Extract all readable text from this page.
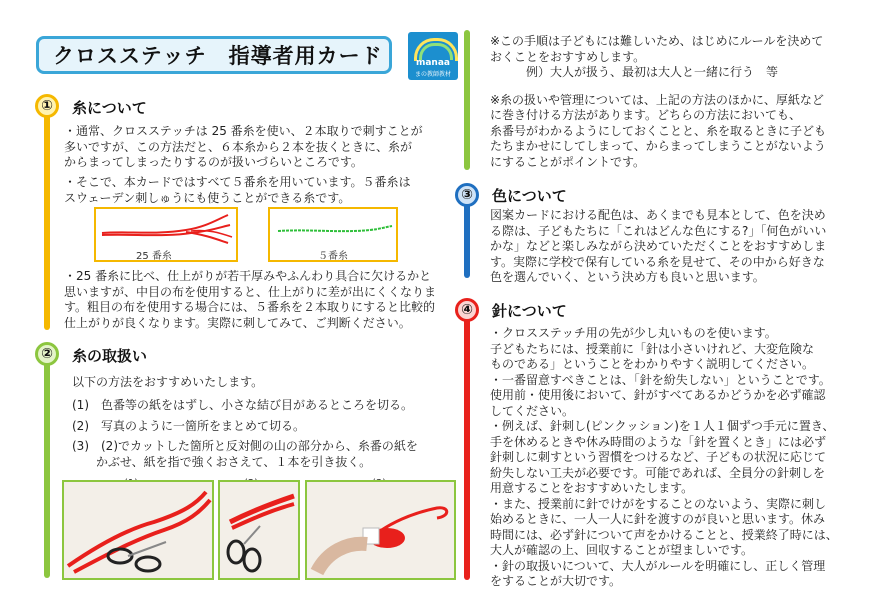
クロスステッチ　指導者用カード	manaa
まの教師教材
①	糸について

・通常、クロスステッチは 25 番糸を使い、２本取りで刺すことが

多いですが、この方法だと、６本糸から２本を抜くときに、糸が

からまってしまったりするのが扱いづらいところです。

・そこで、本カードではすべて５番糸を用いています。５番糸は

スウェーデン刺しゅうにも使うことができる糸です。

25 番糸	５番糸

・25 番糸に比べ、仕上がりが若干厚みやふんわり具合に欠けるかと

思いますが、中目の布を使用すると、仕上がりに差が出にくくなりま

す。粗目の布を使用する場合には、５番糸を２本取りにすると比較的

仕上がりが良くなります。実際に刺してみて、ご判断ください。

②	糸の取扱い
以下の方法をおすすめいたします。

(1)　色番等の紙をはずし、小さな結び目があるところを切る。

(2)　写真のように一箇所をまとめて切る。

(3)　(2)でカットした箇所と反対側の山の部分から、糸番の紙を

　　かぶせ、紙を指で強くおさえて、１本を引き抜く。

※この手順は子どもには難しいため、はじめにルールを決めて

おくことをおすすめします。

　　　例）大人が扱う、最初は大人と一緒に行う　等

※糸の扱いや管理については、上記の方法のほかに、厚紙など

に巻き付ける方法があります。どちらの方法においても、

糸番号がわかるようにしておくことと、糸を取るときに子ども

たちまかせにしてしまって、からまってしまうことがないよう

にすることがポイントです。

③	色について

図案カードにおける配色は、あくまでも見本として、色を決め

る際は、子どもたちに「これはどんな色にする?」「何色がいい

かな」などと楽しみながら決めていただくことをおすすめしま

す。実際に学校で保有している糸を見せて、その中から好きな

色を選んでいく、という決め方も良いと思います。

④	針について

・クロスステッチ用の先が少し丸いものを使います。

子どもたちには、授業前に「針は小さいけれど、大変危険な

ものである」ということをわかりやすく説明してください。

・一番留意すべきことは、「針を紛失しない」ということです。

使用前・使用後において、針がすべてあるかどうかを必ず確認

してください。

・例えば、針刺し(ピンクッション)を１人１個ずつ手元に置き、

手を休めるときや休み時間のような「針を置くとき」には必ず

針刺しに刺すという習慣をつけるなど、子どもの状況に応じて

紛失しない工夫が必要です。可能であれば、全員分の針刺しを

用意することをおすすめいたします。

・また、授業前に針でけがをすることのないよう、実際に刺し

始めるときに、一人一人に針を渡すのが良いと思います。休み

時間には、必ず針について声をかけることと、授業終了時には、

大人が確認の上、回収することが望ましいです。

・針の取扱いについて、大人がルールを明確にし、正しく管理

をすることが大切です。
